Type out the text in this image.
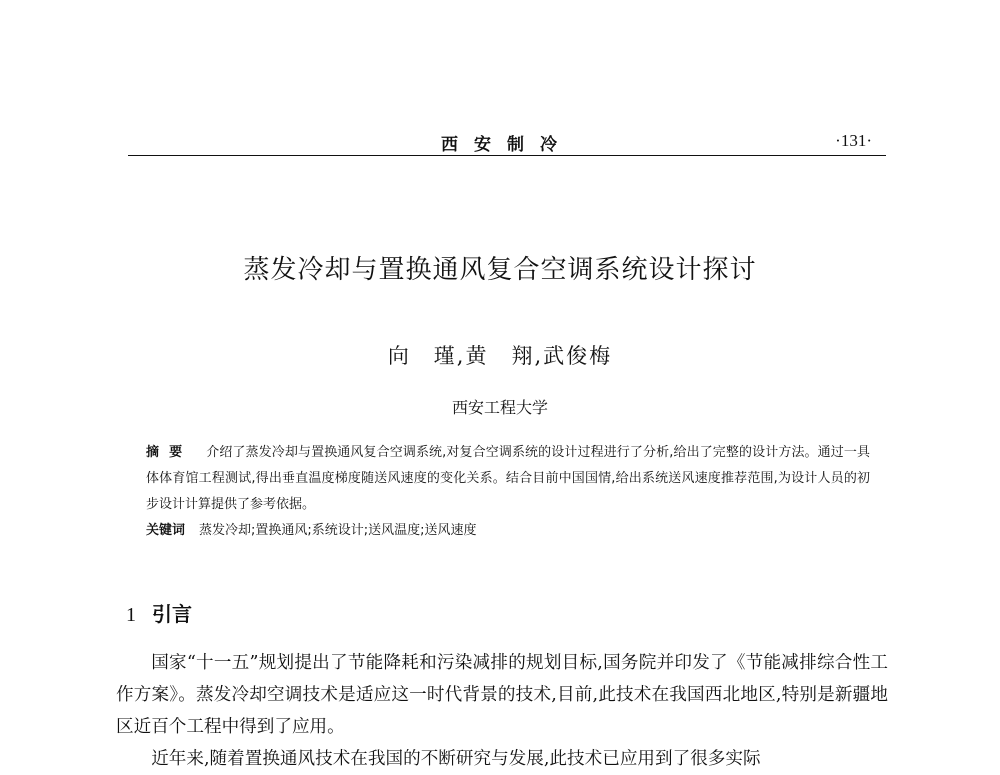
西安制冷	·131·
蒸发冷却与置换通风复合空调系统设计探讨
向　瑾,黄　翔,武俊梅
西安工程大学
摘要 介绍了蒸发冷却与置换通风复合空调系统,对复合空调系统的设计过程进行了分析,给出了完整的设计方法。通过一具体体育馆工程测试,得出垂直温度梯度随送风速度的变化关系。结合目前中国国情,给出系统送风速度推荐范围,为设计人员的初步设计计算提供了参考依据。
关键词 蒸发冷却;置换通风;系统设计;送风温度;送风速度
1 引言

国家“十一五”规划提出了节能降耗和污染减排的规划目标,国务院并印发了《节能减排综合性工作方案》。蒸发冷却空调技术是适应这一时代背景的技术,目前,此技术在我国西北地区,特别是新疆地区近百个工程中得到了应用。

近年来,随着置换通风技术在我国的不断研究与发展,此技术已应用到了很多实际
